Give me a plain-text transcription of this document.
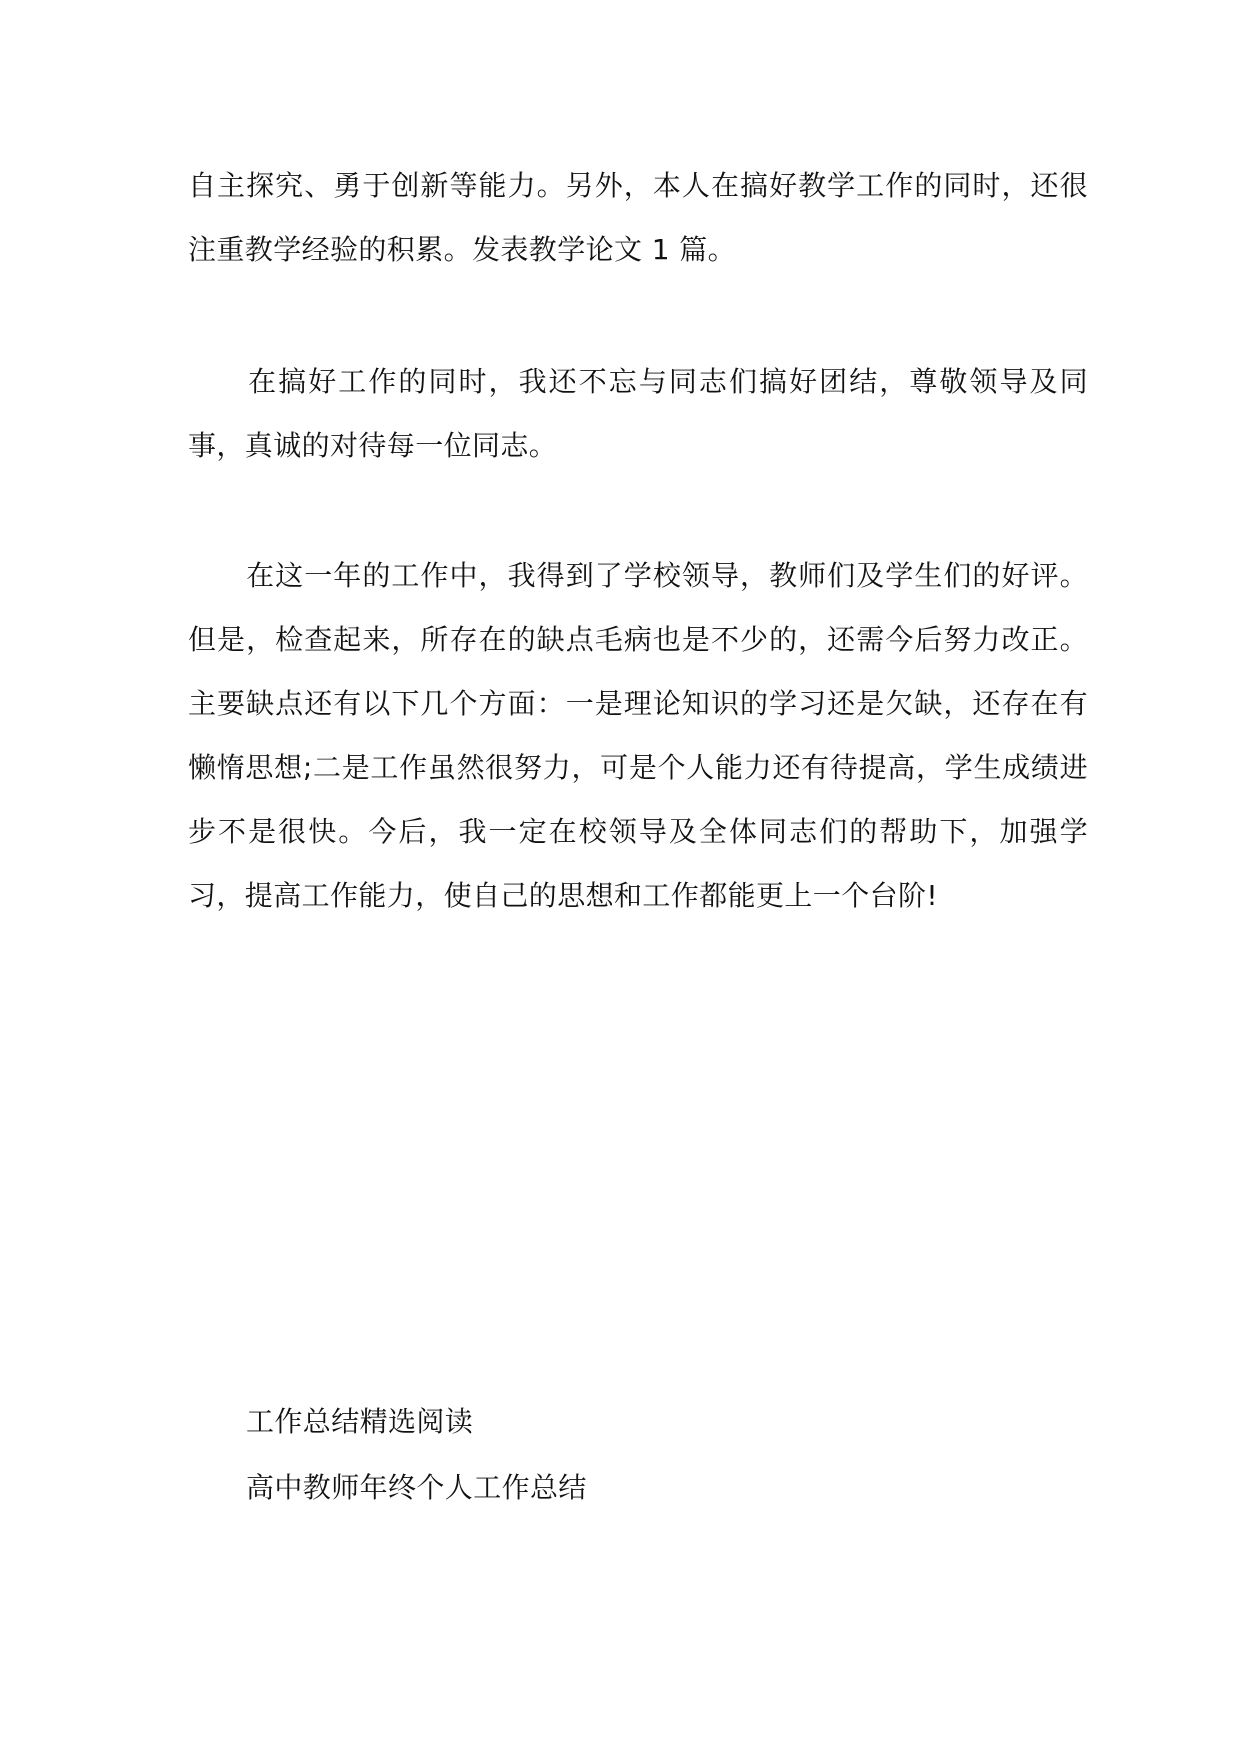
自主探究、勇于创新等能力。另外，本人在搞好教学工作的同时，还很注重教学经验的积累。发表教学论文 1 篇。

　　在搞好工作的同时，我还不忘与同志们搞好团结，尊敬领导及同事，真诚的对待每一位同志。

　　在这一年的工作中，我得到了学校领导，教师们及学生们的好评。但是，检查起来，所存在的缺点毛病也是不少的，还需今后努力改正。主要缺点还有以下几个方面：一是理论知识的学习还是欠缺，还存在有懒惰思想;二是工作虽然很努力，可是个人能力还有待提高，学生成绩进步不是很快。今后，我一定在校领导及全体同志们的帮助下，加强学习，提高工作能力，使自己的思想和工作都能更上一个台阶!

工作总结精选阅读
高中教师年终个人工作总结
